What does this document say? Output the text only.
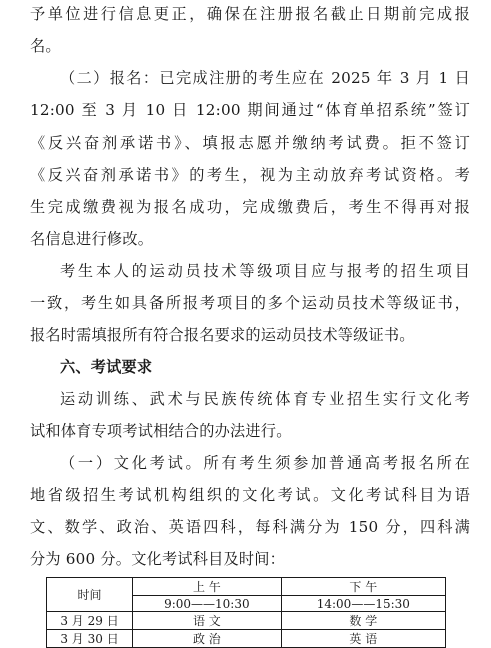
予单位进行信息更正，确保在注册报名截止日期前完成报
名。
（二）报名：已完成注册的考生应在 2025 年 3 月 1 日
12:00 至 3 月 10 日 12:00 期间通过“体育单招系统”签订
《反兴奋剂承诺书》、填报志愿并缴纳考试费。拒不签订
《反兴奋剂承诺书》的考生，视为主动放弃考试资格。考
生完成缴费视为报名成功，完成缴费后，考生不得再对报
名信息进行修改。
考生本人的运动员技术等级项目应与报考的招生项目
一致，考生如具备所报考项目的多个运动员技术等级证书，
报名时需填报所有符合报名要求的运动员技术等级证书。
六、考试要求
运动训练、武术与民族传统体育专业招生实行文化考
试和体育专项考试相结合的办法进行。
（一）文化考试。所有考生须参加普通高考报名所在
地省级招生考试机构组织的文化考试。文化考试科目为语
文、数学、政治、英语四科，每科满分为 150 分，四科满
分为 600 分。文化考试科目及时间：
时间	上 午	下 午
	9:00——10:30	14:00——15:30
3 月 29 日	语 文	数 学
3 月 30 日	政 治	英 语
